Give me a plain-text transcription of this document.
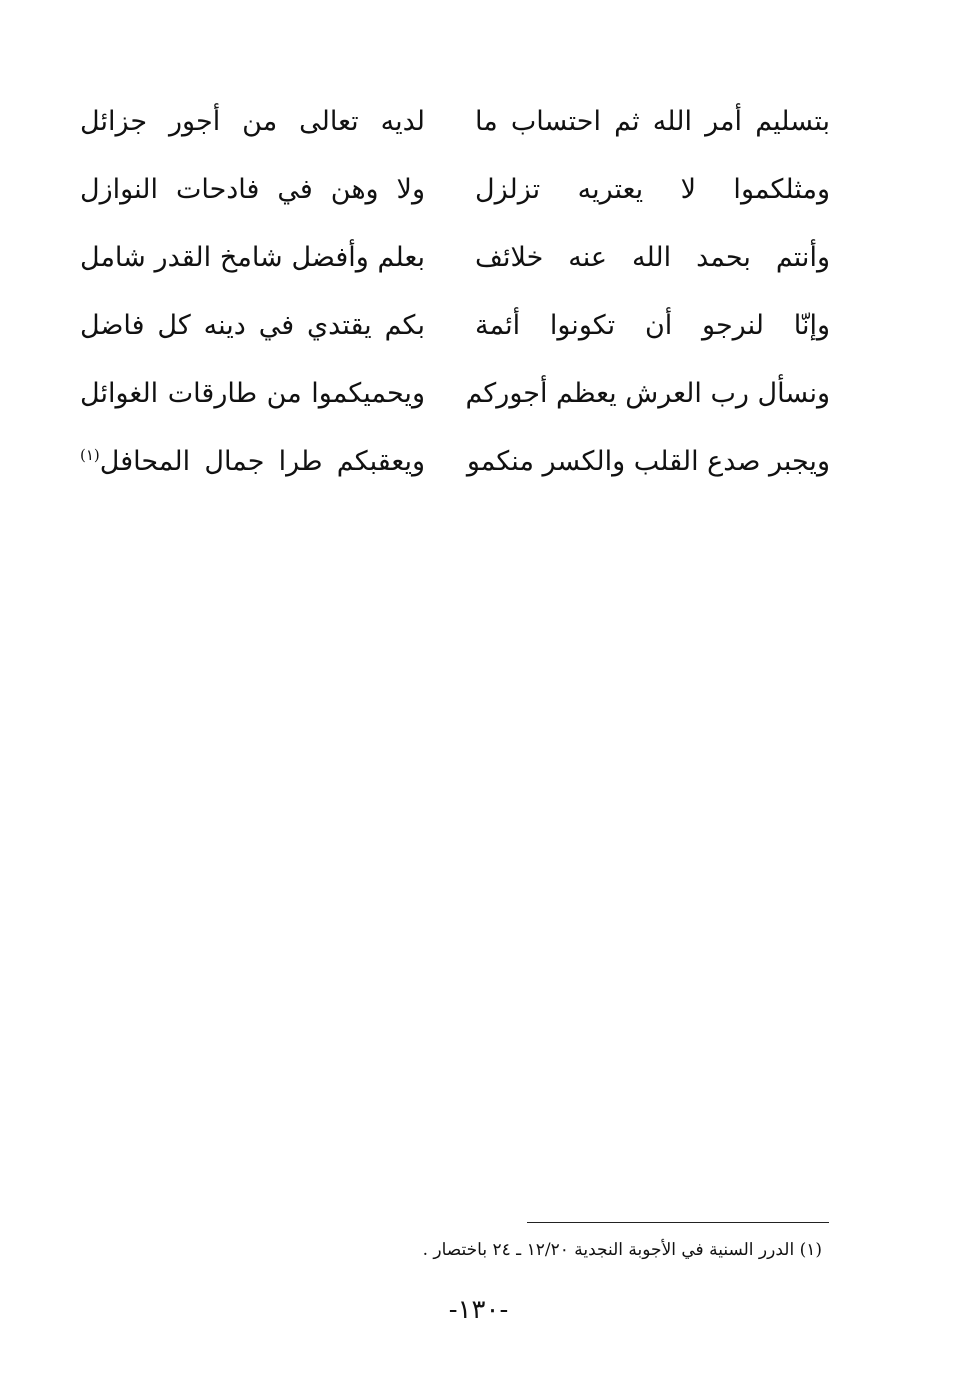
بتسليم أمر الله ثم احتساب ما
لديه تعالى من أجور جزائل
ومثلكموا لا يعتريه تزلزل
ولا وهن في فادحات النوازل
وأنتم بحمد الله عنه خلائف
بعلم وأفضل شامخ القدر شامل
وإنّا لنرجو أن تكونوا أئمة
بكم يقتدي في دينه كل فاضل
ونسأل رب العرش يعظم أجوركم
ويحميكموا من طارقات الغوائل
ويجبر صدع القلب والكسر منكمو
ويعقبكم طرا جمال المحافل$^{(١)}$
(١) الدرر السنية في الأجوبة النجدية ١٢/٢٠ ـ ٢٤ باختصار .
-١٣٠-
